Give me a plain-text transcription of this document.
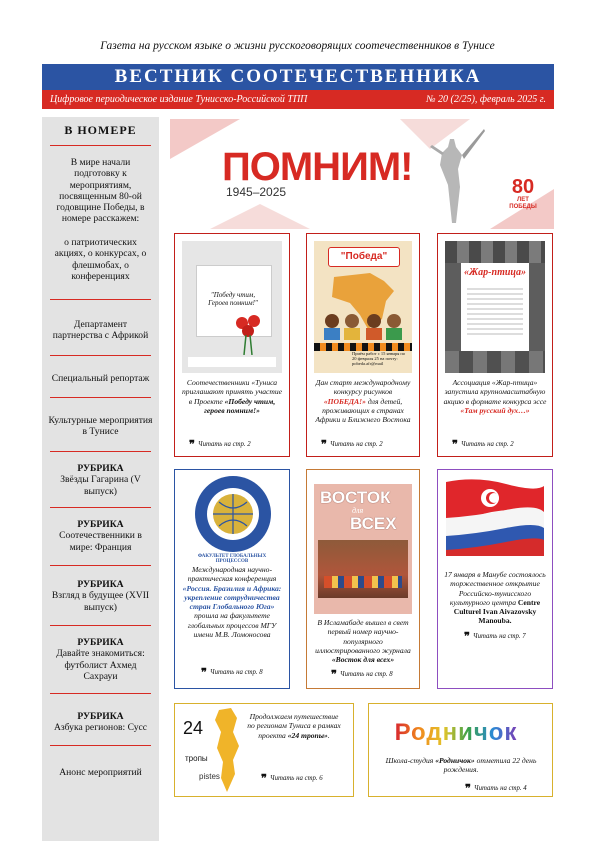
Газета на русском языке о жизни русскоговорящих соотечественников в Тунисе
ВЕСТНИК СООТЕЧЕСТВЕННИКА
Цифровое периодическое издание Тунисско-Российской ТПП	№ 20 (2/25), февраль 2025 г.
В НОМЕРЕ
В мире начали подготовку к мероприятиям, посвященным 80-ой годовщине Победы, в номере расскажем:
о патриотических акциях, о конкурсах, о флешмобах, о конференциях
Департамент партнерства с Африкой
Специальный репортаж
Культурные мероприятия в Тунисе
РУБРИКА
Звёзды Гагарина (V выпуск)
РУБРИКА
Соотечественники в мире: Франция
РУБРИКА
Взгляд в будущее (XVII выпуск)
РУБРИКА
Давайте знакомиться: футболист Ахмед Сахрауи
РУБРИКА
Азбука регионов: Сусс
Анонс мероприятий
ПОМНИМ!
1945–2025	80
ЛЕТ ПОБЕДЫ
"Победу чтим, Героев помним!"
Соотечественники «Туниса приглашают принять участие в Проекте «Победу чтим, героев помним!»
❞ Читать на стр. 2
"Победа"
Приём работ с 15 января по 20 февраля 25 на почту: pobeda.afr@mail
Дан старт международному конкурсу рисунков «ПОБЕДА!» для детей, проживающих в странах Африки и Ближнего Востока
❞ Читать на стр. 2
«Жар-птица»
Ассоциация «Жар-птица» запустила крупномасштабную акцию в формате конкурса эссе «Там русский дух…»
❞ Читать на стр. 2
ФАКУЛЬТЕТ ГЛОБАЛЬНЫХ ПРОЦЕССОВ
Международная научно-практическая конференция «Россия. Бразилия и Африка: укрепление сотрудничества стран Глобального Юга» прошла на факультете глобальных процессов МГУ имени М.В. Ломоносова
❞ Читать на стр. 8
ВОСТОК
для
ВСЕХ
В Исламабаде вышел в свет первый номер научно-популярного иллюстрированного журнала «Восток для всех»
❞ Читать на стр. 8
17 января в Манубе состоялось торжественное открытие Российско-тунисского культурного центра Centre Culturel Ivan Aivazovsky Manouba.
❞ Читать на стр. 7
24
тропы
pistes
Продолжаем путешествие по регионам Туниса в рамках проекта «24 тропы».
❞ Читать на стр. 6
Родничок
Школа-студия «Родничок» отметила 22 день рождения.
❞ Читать на стр. 4
